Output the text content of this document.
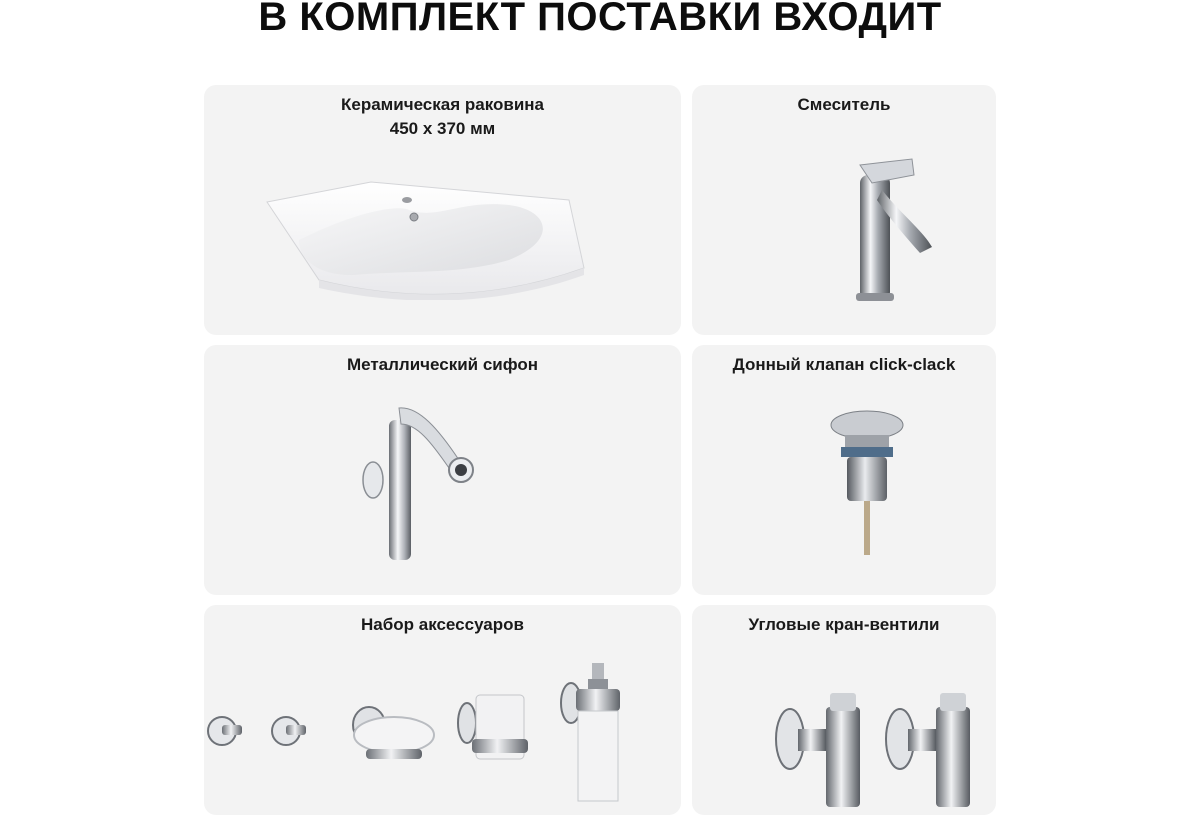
В КОМПЛЕКТ ПОСТАВКИ ВХОДИТ
Керамическая раковина
450 х 370 мм
Смеситель
Металлический сифон	Донный клапан click-clack
Набор аксессуаров	Угловые кран-вентили
